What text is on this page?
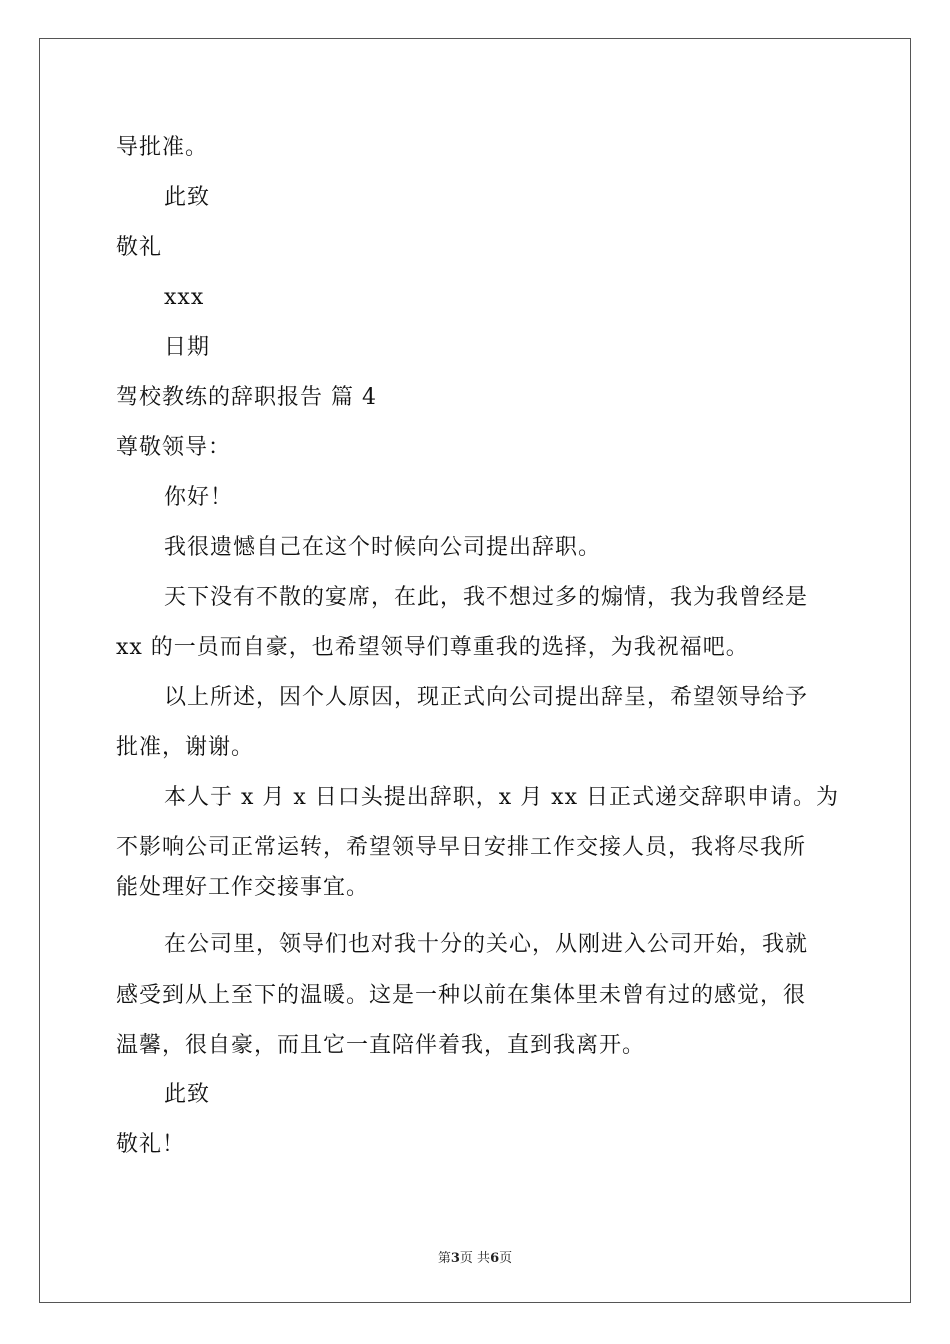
导批准。
此致
敬礼
xxx
日期
驾校教练的辞职报告 篇 4
尊敬领导：
你好！
我很遗憾自己在这个时候向公司提出辞职。
天下没有不散的宴席，在此，我不想过多的煽情，我为我曾经是
xx 的一员而自豪，也希望领导们尊重我的选择，为我祝福吧。
以上所述，因个人原因，现正式向公司提出辞呈，希望领导给予
批准，谢谢。
本人于 x 月 x 日口头提出辞职，x 月 xx 日正式递交辞职申请。为
不影响公司正常运转，希望领导早日安排工作交接人员，我将尽我所
能处理好工作交接事宜。
在公司里，领导们也对我十分的关心，从刚进入公司开始，我就
感受到从上至下的温暖。这是一种以前在集体里未曾有过的感觉，很
温馨，很自豪，而且它一直陪伴着我，直到我离开。
此致
敬礼！
第3页 共6页
